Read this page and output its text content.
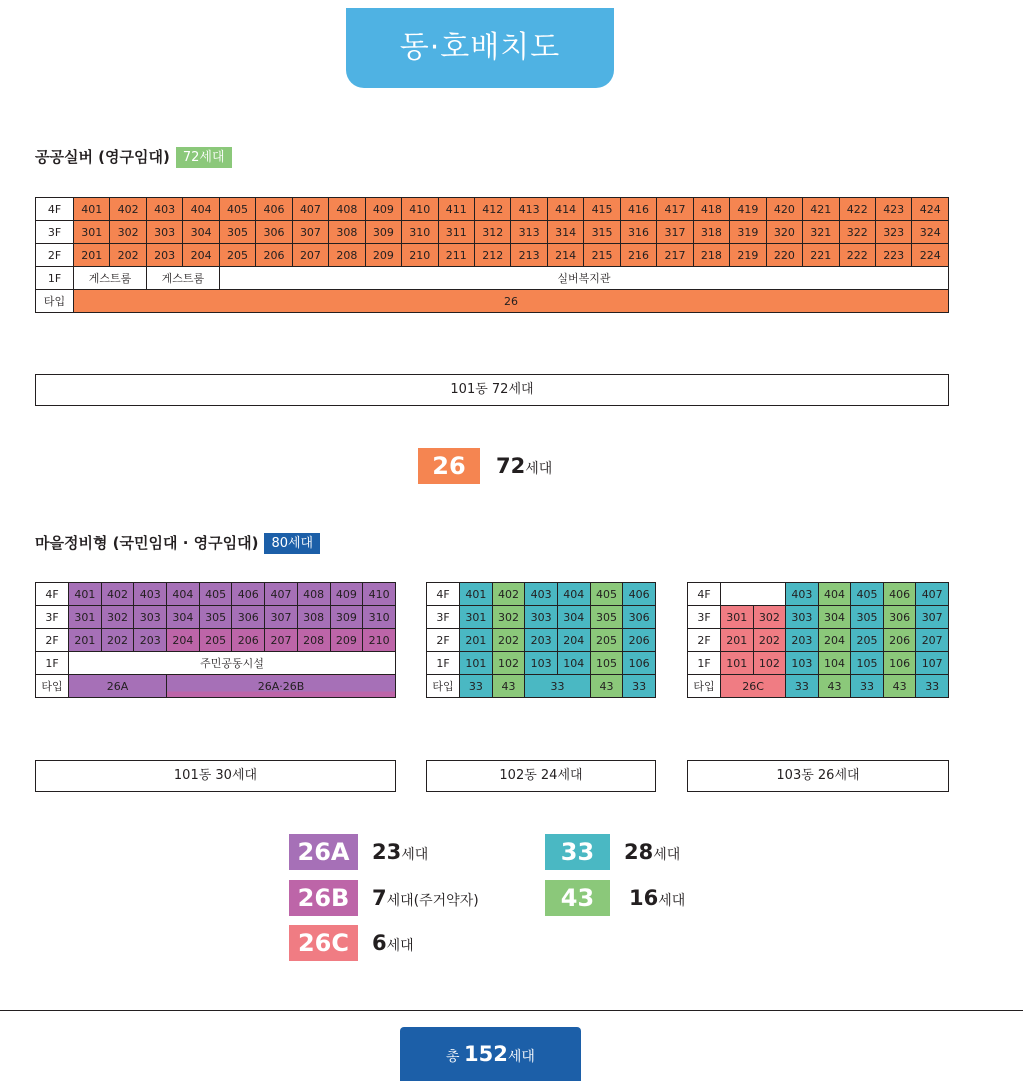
동·호배치도
공공실버 (영구임대) 72세대
4F	401	402	403	404	405	406	407	408	409	410	411	412	413	414	415	416	417	418	419	420	421	422	423	424
3F	301	302	303	304	305	306	307	308	309	310	311	312	313	314	315	316	317	318	319	320	321	322	323	324
2F	201	202	203	204	205	206	207	208	209	210	211	212	213	214	215	216	217	218	219	220	221	222	223	224
1F	게스트룸		게스트룸		실버복지관																			
타입	26																							
101동 72세대
26	72세대
마을정비형 (국민임대 · 영구임대) 80세대
4F	401	402	403	404	405	406	407	408	409	410
3F	301	302	303	304	305	306	307	308	309	310
2F	201	202	203	204	205	206	207	208	209	210
1F	주민공동시설									
타입	26A			26A·26B						
4F	401	402	403	404	405	406
3F	301	302	303	304	305	306
2F	201	202	203	204	205	206
1F	101	102	103	104	105	106
타입	33	43	33		43	33
4F			403	404	405	406	407
3F	301	302	303	304	305	306	307
2F	201	202	203	204	205	206	207
1F	101	102	103	104	105	106	107
타입	26C		33	43	33	43	33
101동 30세대	102동 24세대	103동 26세대
26A	23세대
26B	7세대(주거약자)
26C	6세대
33	28세대
43	16세대
총 152세대
